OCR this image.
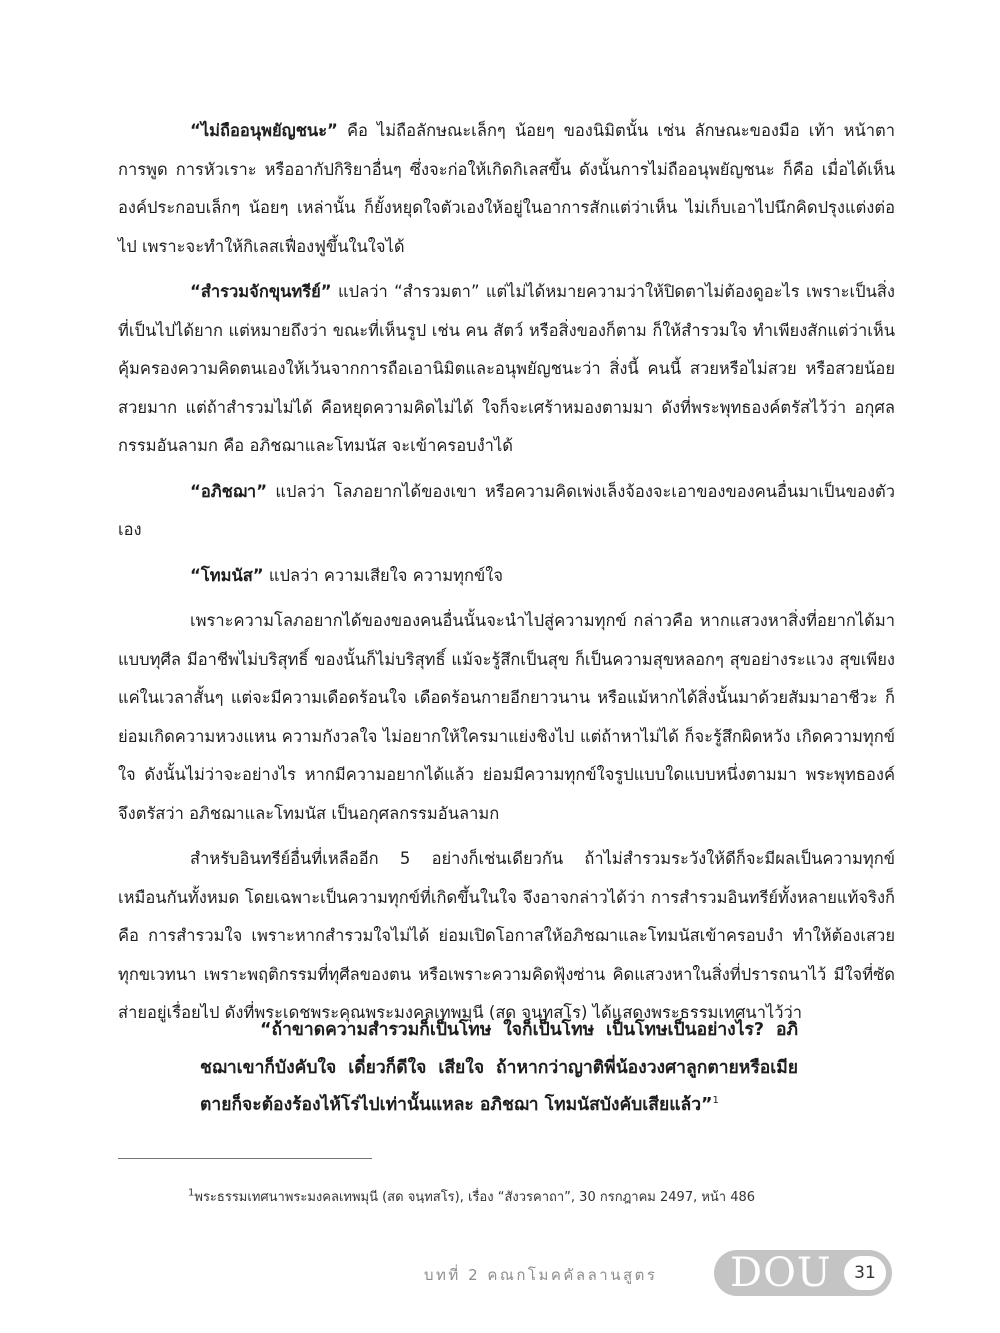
“ไม่ถืออนุพยัญชนะ” คือ ไม่ถือลักษณะเล็กๆ น้อยๆ ของนิมิตนั้น เช่น ลักษณะของมือ เท้า หน้าตา การพูด การหัวเราะ หรืออากัปกิริยาอื่นๆ ซึ่งจะก่อให้เกิดกิเลสขึ้น ดังนั้นการไม่ถืออนุพยัญชนะ ก็คือ เมื่อได้เห็นองค์ประกอบเล็กๆ น้อยๆ เหล่านั้น ก็ยั้งหยุดใจตัวเองให้อยู่ในอาการสักแต่ว่าเห็น ไม่เก็บเอาไปนึกคิดปรุงแต่งต่อไป เพราะจะทำให้กิเลสเฟื่องฟูขึ้นในใจได้

“สำรวมจักขุนทรีย์” แปลว่า “สำรวมตา” แต่ไม่ได้หมายความว่าให้ปิดตาไม่ต้องดูอะไร เพราะเป็นสิ่งที่เป็นไปได้ยาก แต่หมายถึงว่า ขณะที่เห็นรูป เช่น คน สัตว์ หรือสิ่งของก็ตาม ก็ให้สำรวมใจ ทำเพียงสักแต่ว่าเห็น คุ้มครองความคิดตนเองให้เว้นจากการถือเอานิมิตและอนุพยัญชนะว่า สิ่งนี้ คนนี้ สวยหรือไม่สวย หรือสวยน้อย สวยมาก แต่ถ้าสำรวมไม่ได้ คือหยุดความคิดไม่ได้ ใจก็จะเศร้าหมองตามมา ดังที่พระพุทธองค์ตรัสไว้ว่า อกุศลกรรมอันลามก คือ อภิชฌาและโทมนัส จะเข้าครอบงำได้

“อภิชฌา” แปลว่า โลภอยากได้ของเขา หรือความคิดเพ่งเล็งจ้องจะเอาของของคนอื่นมาเป็นของตัวเอง

“โทมนัส” แปลว่า ความเสียใจ ความทุกข์ใจ

เพราะความโลภอยากได้ของของคนอื่นนั้นจะนำไปสู่ความทุกข์ กล่าวคือ หากแสวงหาสิ่งที่อยากได้มาแบบทุศีล มีอาชีพไม่บริสุทธิ์ ของนั้นก็ไม่บริสุทธิ์ แม้จะรู้สึกเป็นสุข ก็เป็นความสุขหลอกๆ สุขอย่างระแวง สุขเพียงแค่ในเวลาสั้นๆ แต่จะมีความเดือดร้อนใจ เดือดร้อนกายอีกยาวนาน หรือแม้หากได้สิ่งนั้นมาด้วยสัมมาอาชีวะ ก็ย่อมเกิดความหวงแหน ความกังวลใจ ไม่อยากให้ใครมาแย่งชิงไป แต่ถ้าหาไม่ได้ ก็จะรู้สึกผิดหวัง เกิดความทุกข์ใจ ดังนั้นไม่ว่าจะอย่างไร หากมีความอยากได้แล้ว ย่อมมีความทุกข์ใจรูปแบบใดแบบหนึ่งตามมา พระพุทธองค์จึงตรัสว่า อภิชฌาและโทมนัส เป็นอกุศลกรรมอันลามก

สำหรับอินทรีย์อื่นที่เหลืออีก 5 อย่างก็เช่นเดียวกัน ถ้าไม่สำรวมระวังให้ดีก็จะมีผลเป็นความทุกข์เหมือนกันทั้งหมด โดยเฉพาะเป็นความทุกข์ที่เกิดขึ้นในใจ จึงอาจกล่าวได้ว่า การสำรวมอินทรีย์ทั้งหลายแท้จริงก็คือ การสำรวมใจ เพราะหากสำรวมใจไม่ได้ ย่อมเปิดโอกาสให้อภิชฌาและโทมนัสเข้าครอบงำ ทำให้ต้องเสวยทุกขเวทนา เพราะพฤติกรรมที่ทุศีลของตน หรือเพราะความคิดฟุ้งซ่าน คิดแสวงหาในสิ่งที่ปรารถนาไว้ มีใจที่ซัดส่ายอยู่เรื่อยไป ดังที่พระเดชพระคุณพระมงคลเทพมุนี (สด จนฺทสโร) ได้แสดงพระธรรมเทศนาไว้ว่า

“ถ้าขาดความสำรวมก็เป็นโทษ ใจก็เป็นโทษ เป็นโทษเป็นอย่างไร? อภิชฌาเขาก็บังคับใจ เดี๋ยวก็ดีใจ เสียใจ ถ้าหากว่าญาติพี่น้องวงศาลูกตายหรือเมียตายก็จะต้องร้องไห้โร่ไปเท่านั้นแหละ อภิชฌา โทมนัสบังคับเสียแล้ว”$^1$

$^1$พระธรรมเทศนาพระมงคลเทพมุนี (สด จนฺทสโร), เรื่อง “สังวรคาถา”, 30 กรกฎาคม 2497, หน้า 486
บทที่ 2 คณกโมคคัลลานสูตร DOU	31
